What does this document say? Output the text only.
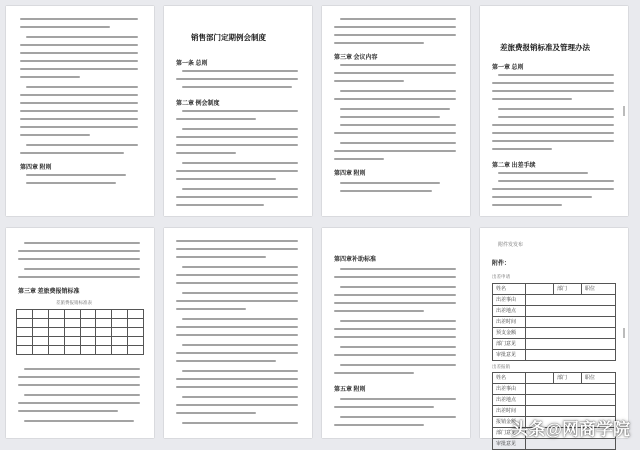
第四章 附则
销售部门定期例会制度
第一条 总则
第二章 例会制度
第三章 会议内容
第四章 附则
差旅费报销标准及管理办法
第一章 总则
第二章 出差手续
第三章 差旅费报销标准
差旅费报销标准表

第四章补助标准
第五章 附则
附件发发布
附件：
出差申请
姓名	部门	职位
出差事由
出差地点
出差时间
预支金额
部门意见
审批意见
出差报销
姓名	部门	职位
出差事由
出差地点
出差时间
报销金额
部门意见
审批意见
头条@网商学院
